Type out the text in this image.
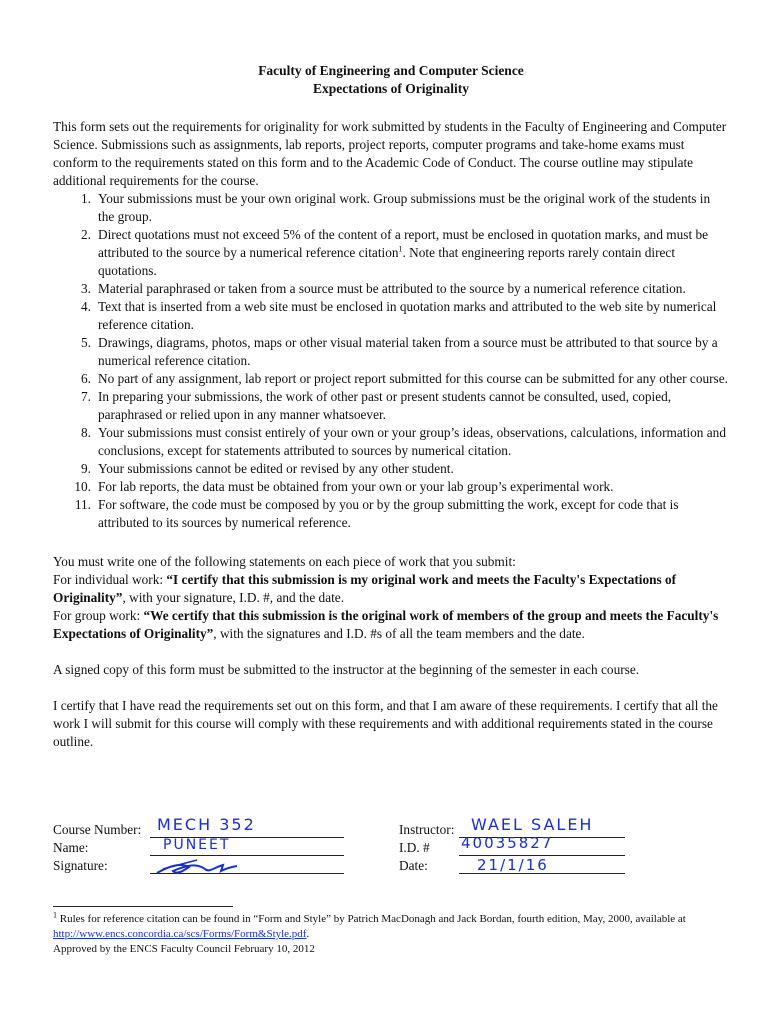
Faculty of Engineering and Computer Science
Expectations of Originality
This form sets out the requirements for originality for work submitted by students in the Faculty of Engineering and Computer Science. Submissions such as assignments, lab reports, project reports, computer programs and take-home exams must conform to the requirements stated on this form and to the Academic Code of Conduct. The course outline may stipulate additional requirements for the course.
1. Your submissions must be your own original work. Group submissions must be the original work of the students in the group.
2. Direct quotations must not exceed 5% of the content of a report, must be enclosed in quotation marks, and must be attributed to the source by a numerical reference citation$^1$. Note that engineering reports rarely contain direct quotations.
3. Material paraphrased or taken from a source must be attributed to the source by a numerical reference citation.
4. Text that is inserted from a web site must be enclosed in quotation marks and attributed to the web site by numerical reference citation.
5. Drawings, diagrams, photos, maps or other visual material taken from a source must be attributed to that source by a numerical reference citation.
6. No part of any assignment, lab report or project report submitted for this course can be submitted for any other course.
7. In preparing your submissions, the work of other past or present students cannot be consulted, used, copied, paraphrased or relied upon in any manner whatsoever.
8. Your submissions must consist entirely of your own or your group’s ideas, observations, calculations, information and conclusions, except for statements attributed to sources by numerical citation.
9. Your submissions cannot be edited or revised by any other student.
10. For lab reports, the data must be obtained from your own or your lab group’s experimental work.
11. For software, the code must be composed by you or by the group submitting the work, except for code that is attributed to its sources by numerical reference.
You must write one of the following statements on each piece of work that you submit:
For individual work: “I certify that this submission is my original work and meets the Faculty's Expectations of Originality”, with your signature, I.D. #, and the date.
For group work: “We certify that this submission is the original work of members of the group and meets the Faculty's Expectations of Originality”, with the signatures and I.D. #s of all the team members and the date.
A signed copy of this form must be submitted to the instructor at the beginning of the semester in each course.
I certify that I have read the requirements set out on this form, and that I am aware of these requirements. I certify that all the work I will submit for this course will comply with these requirements and with additional requirements stated in the course outline.
Course Number: MECH 352
Name:	PUNEET
Signature:
Instructor: WAEL SALEH
I.D. # 40035827
Date:	21/1/16
$^1$ Rules for reference citation can be found in “Form and Style” by Patrich MacDonagh and Jack Bordan, fourth edition, May, 2000, available at http://www.encs.concordia.ca/scs/Forms/Form&Style.pdf.
Approved by the ENCS Faculty Council February 10, 2012
